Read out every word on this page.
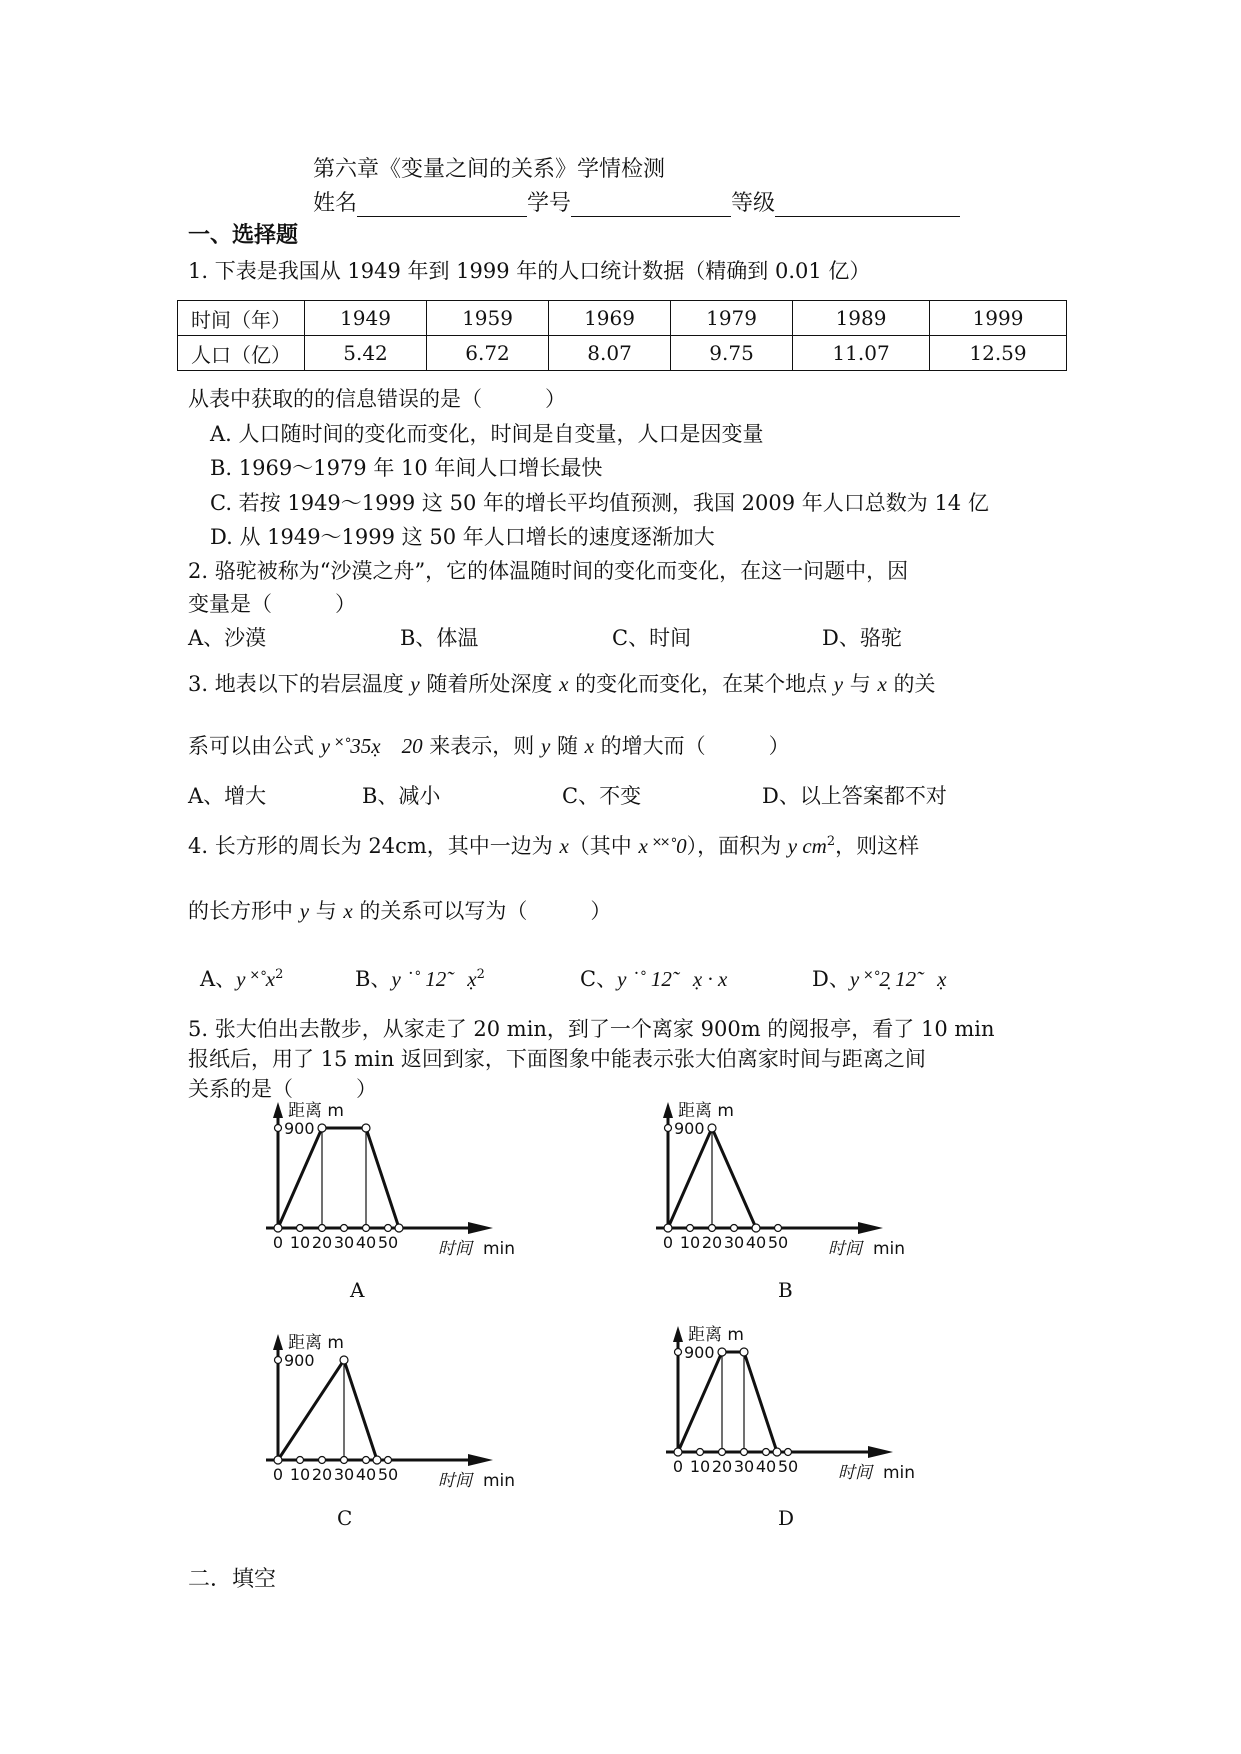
第六章《变量之间的关系》学情检测
姓名	学号	等级
一、选择题
1. 下表是我国从 1949 年到 1999 年的人口统计数据（精确到 0.01 亿）
时间（年）	1949	1959	1969	1979	1989	1999
人口（亿）	5.42	6.72	8.07	9.75	11.07	12.59
从表中获取的的信息错误的是（　　　）
A. 人口随时间的变化而变化，时间是自变量，人口是因变量
B. 1969～1979 年 10 年间人口增长最快
C. 若按 1949～1999 这 50 年的增长平均值预测，我国 2009 年人口总数为 14 亿
D. 从 1949～1999 这 50 年人口增长的速度逐渐加大
2. 骆驼被称为“沙漠之舟”，它的体温随时间的变化而变化，在这一问题中，因
变量是（　　　）
A、沙漠	B、体温	C、时间	D、骆驼
3. 地表以下的岩层温度 y 随着所处深度 x 的变化而变化，在某个地点 y 与 x 的关
系可以由公式 y ˟˚35x̣　20 来表示，则 y 随 x 的增大而（　　　）
A、增大	B、减小	C、不变	D、以上答案都不对
4. 长方形的周长为 24cm，其中一边为 x（其中 x ˟˟˚0），面积为 y $cm^2$，则这样
的长方形中 y 与 x 的关系可以写为（　　　）
A、y $˟˚x^2$	B、y ˙˚ 12̃　x̣$^2$	C、y ˙˚ 12̃　x̣ · x	D、y ˟˚2̣ 12̃　x̣
5. 张大伯出去散步，从家走了 20 min，到了一个离家 900m 的阅报亭，看了 10 min
报纸后，用了 15 min 返回到家，下面图象中能表示张大伯离家时间与距离之间
关系的是（　　　）
距离 m
900
0 10 20 30 40 50 时间 min
距离 m
900
0 10 20 30 40 50 时间 min
距离 m
900
0 10 20 30 40 50 时间 min
距离 m
900
0 10 20 30 40 50 时间 min
A	B
C	D
二．填空
